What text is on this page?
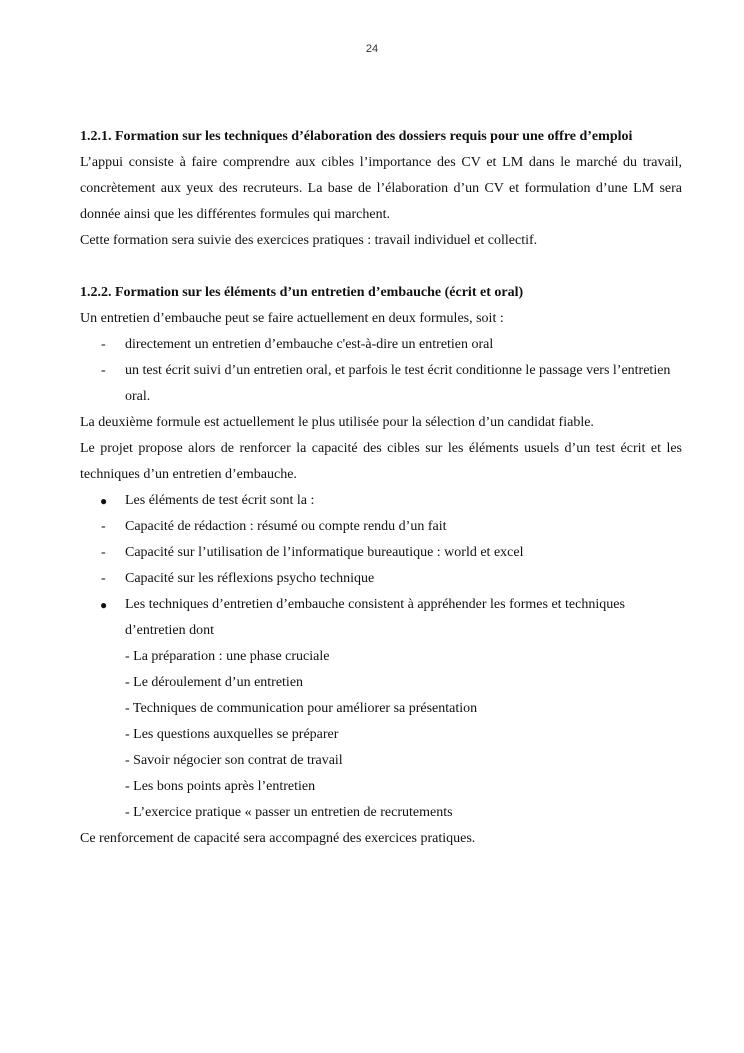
24
1.2.1. Formation sur les techniques d’élaboration des dossiers requis pour une offre d’emploi

L’appui consiste à faire comprendre aux cibles l’importance des CV et LM dans le marché du travail, concrètement aux yeux des recruteurs. La base de l’élaboration d’un CV et formulation d’une LM sera donnée ainsi que les différentes formules qui marchent.

Cette formation sera suivie des exercices pratiques : travail individuel et collectif.

1.2.2. Formation sur les éléments d’un entretien d’embauche (écrit et oral)

Un entretien d’embauche peut se faire actuellement en deux formules, soit :

- directement un entretien d’embauche c'est-à-dire un entretien oral
- un test écrit suivi d’un entretien oral, et parfois le test écrit conditionne le passage vers l’entretien oral.

La deuxième formule est actuellement le plus utilisée pour la sélection d’un candidat fiable.

Le projet propose alors de renforcer la capacité des cibles sur les éléments usuels d’un test écrit et les techniques d’un entretien d’embauche.

● Les éléments de test écrit sont la :
- Capacité de rédaction : résumé ou compte rendu d’un fait
- Capacité sur l’utilisation de l’informatique bureautique : world et excel
- Capacité sur les réflexions psycho technique
● Les techniques d’entretien d’embauche consistent à appréhender les formes et techniques d’entretien dont
- La préparation : une phase cruciale
- Le déroulement d’un entretien
- Techniques de communication pour améliorer sa présentation
- Les questions auxquelles se préparer
- Savoir négocier son contrat de travail
- Les bons points après l’entretien
- L’exercice pratique « passer un entretien de recrutements

Ce renforcement de capacité sera accompagné des exercices pratiques.
